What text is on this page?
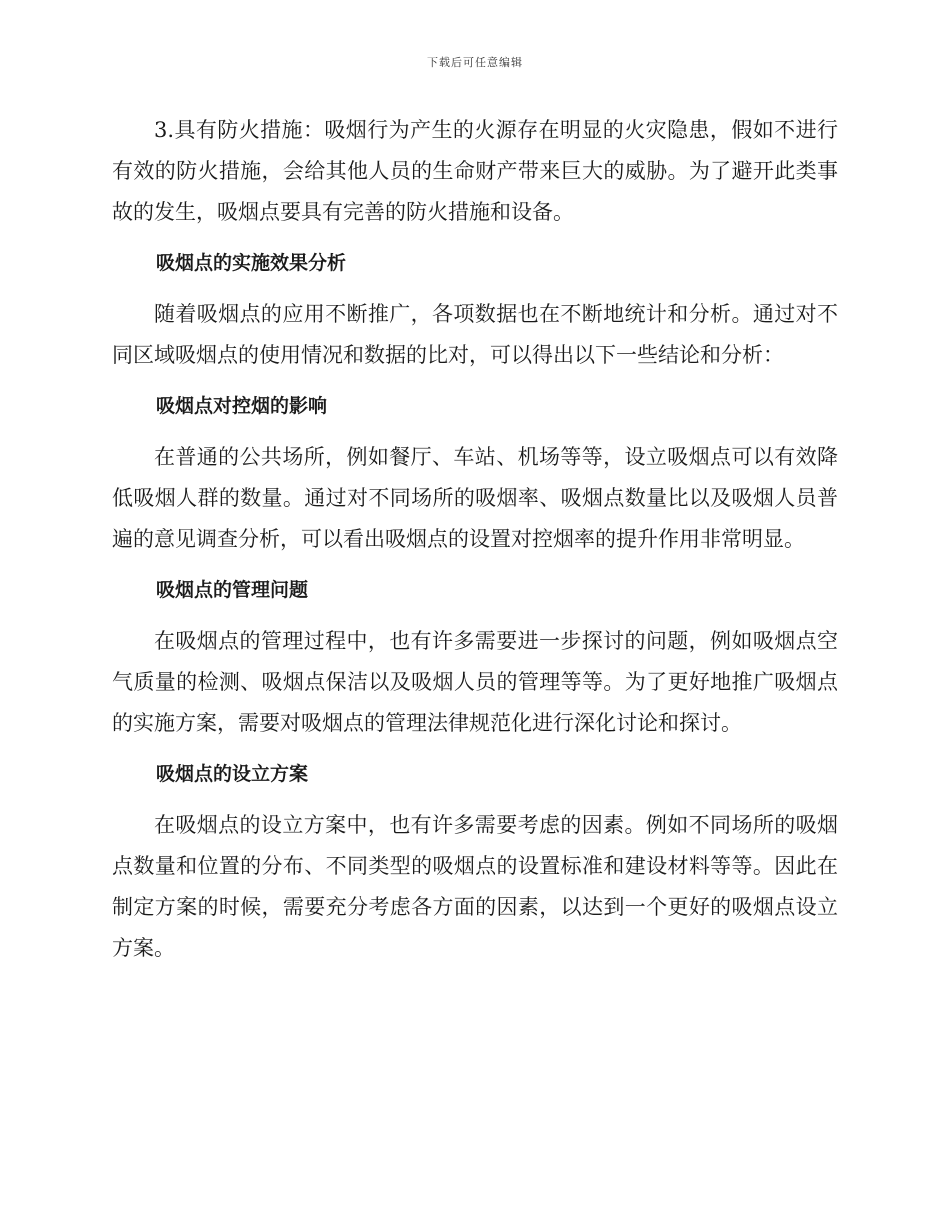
下载后可任意编辑

3.具有防火措施：吸烟行为产生的火源存在明显的火灾隐患，假如不进行有效的防火措施，会给其他人员的生命财产带来巨大的威胁。为了避开此类事故的发生，吸烟点要具有完善的防火措施和设备。

吸烟点的实施效果分析

随着吸烟点的应用不断推广，各项数据也在不断地统计和分析。通过对不同区域吸烟点的使用情况和数据的比对，可以得出以下一些结论和分析：

吸烟点对控烟的影响

在普通的公共场所，例如餐厅、车站、机场等等，设立吸烟点可以有效降低吸烟人群的数量。通过对不同场所的吸烟率、吸烟点数量比以及吸烟人员普遍的意见调查分析，可以看出吸烟点的设置对控烟率的提升作用非常明显。

吸烟点的管理问题

在吸烟点的管理过程中，也有许多需要进一步探讨的问题，例如吸烟点空气质量的检测、吸烟点保洁以及吸烟人员的管理等等。为了更好地推广吸烟点的实施方案，需要对吸烟点的管理法律规范化进行深化讨论和探讨。

吸烟点的设立方案

在吸烟点的设立方案中，也有许多需要考虑的因素。例如不同场所的吸烟点数量和位置的分布、不同类型的吸烟点的设置标准和建设材料等等。因此在制定方案的时候，需要充分考虑各方面的因素，以达到一个更好的吸烟点设立方案。
